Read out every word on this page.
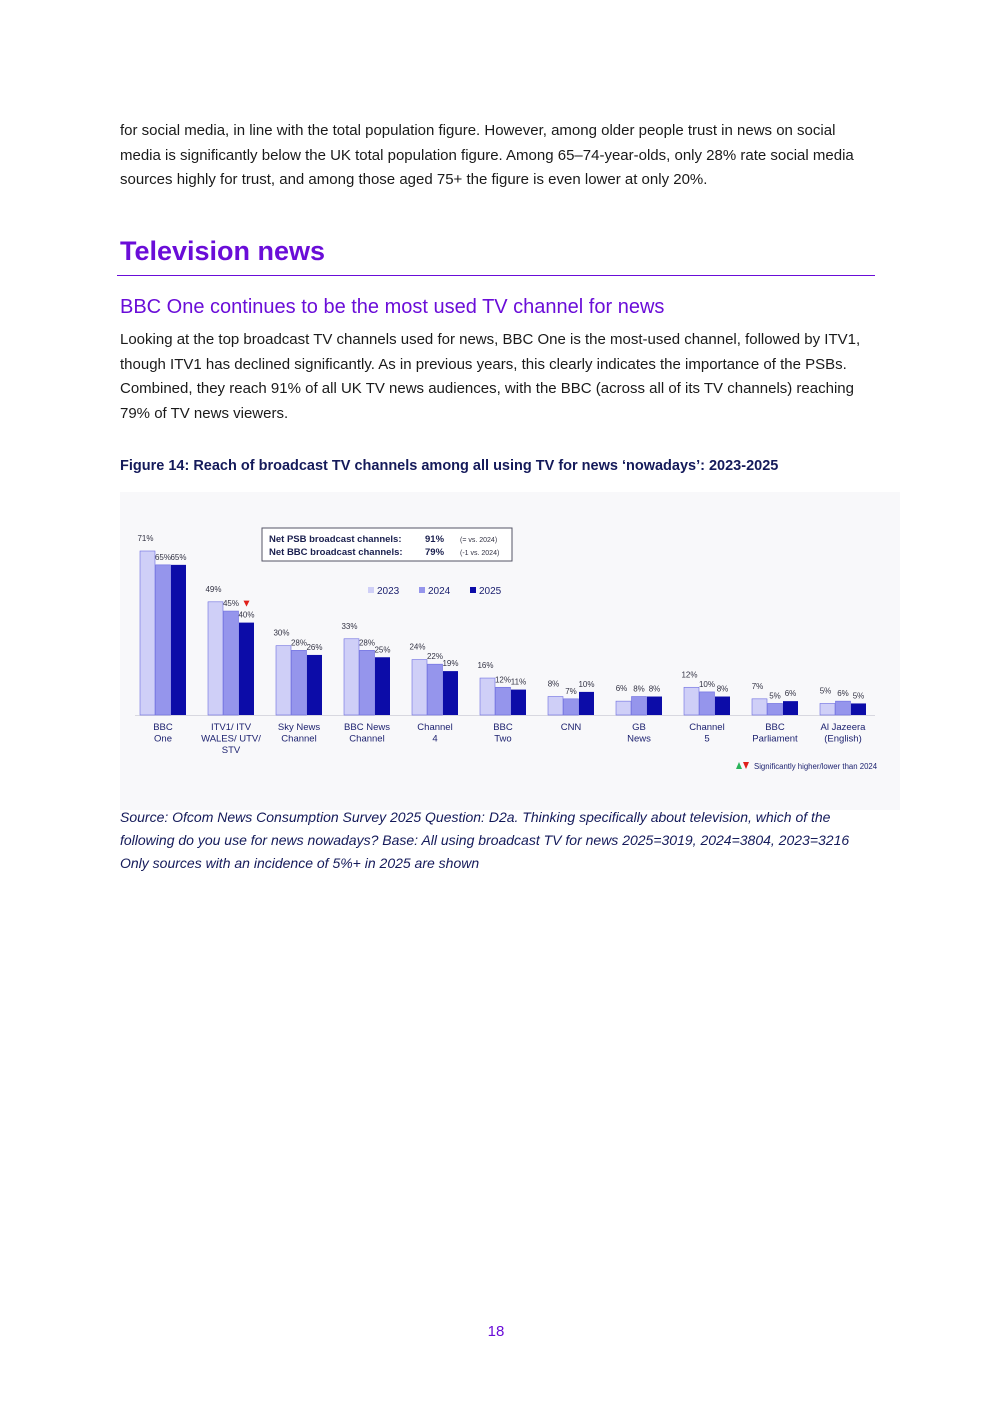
for social media, in line with the total population figure. However, among older people trust in news on social media is significantly below the UK total population figure. Among 65–74-year-olds, only 28% rate social media sources highly for trust, and among those aged 75+ the figure is even lower at only 20%.

Television news
BBC One continues to be the most used TV channel for news

Looking at the top broadcast TV channels used for news, BBC One is the most-used channel, followed by ITV1, though ITV1 has declined significantly. As in previous years, this clearly indicates the importance of the PSBs. Combined, they reach 91% of all UK TV news audiences, with the BBC (across all of its TV channels) reaching 79% of TV news viewers.

Figure 14: Reach of broadcast TV channels among all using TV for news ‘nowadays’: 2023-2025

71%
65% 65%
BBC
One
49%
45%
40%
ITV1/ ITV
WALES/ UTV/
STV
30%
28%
26%
Sky News
Channel
33%
28%
25%
BBC News
Channel
24%
22%
19%
Channel
4
16%
12% 11%
BBC
Two
8%
7%
10%
CNN
6% 8% 8%
GB
News
12%
10%
8%
Channel
5
7%
5% 6%
BBC
Parliament
5% 6% 5%
Al Jazeera
(English)
Net PSB broadcast channels: 91% (= vs. 2024)
Net BBC broadcast channels: 79% (-1 vs. 2024)
2023	2024	2025
Significantly higher/lower than 2024

Source: Ofcom News Consumption Survey 2025 Question: D2a. Thinking specifically about television, which of the following do you use for news nowadays? Base: All using broadcast TV for news 2025=3019, 2024=3804, 2023=3216 Only sources with an incidence of 5%+ in 2025 are shown

18
